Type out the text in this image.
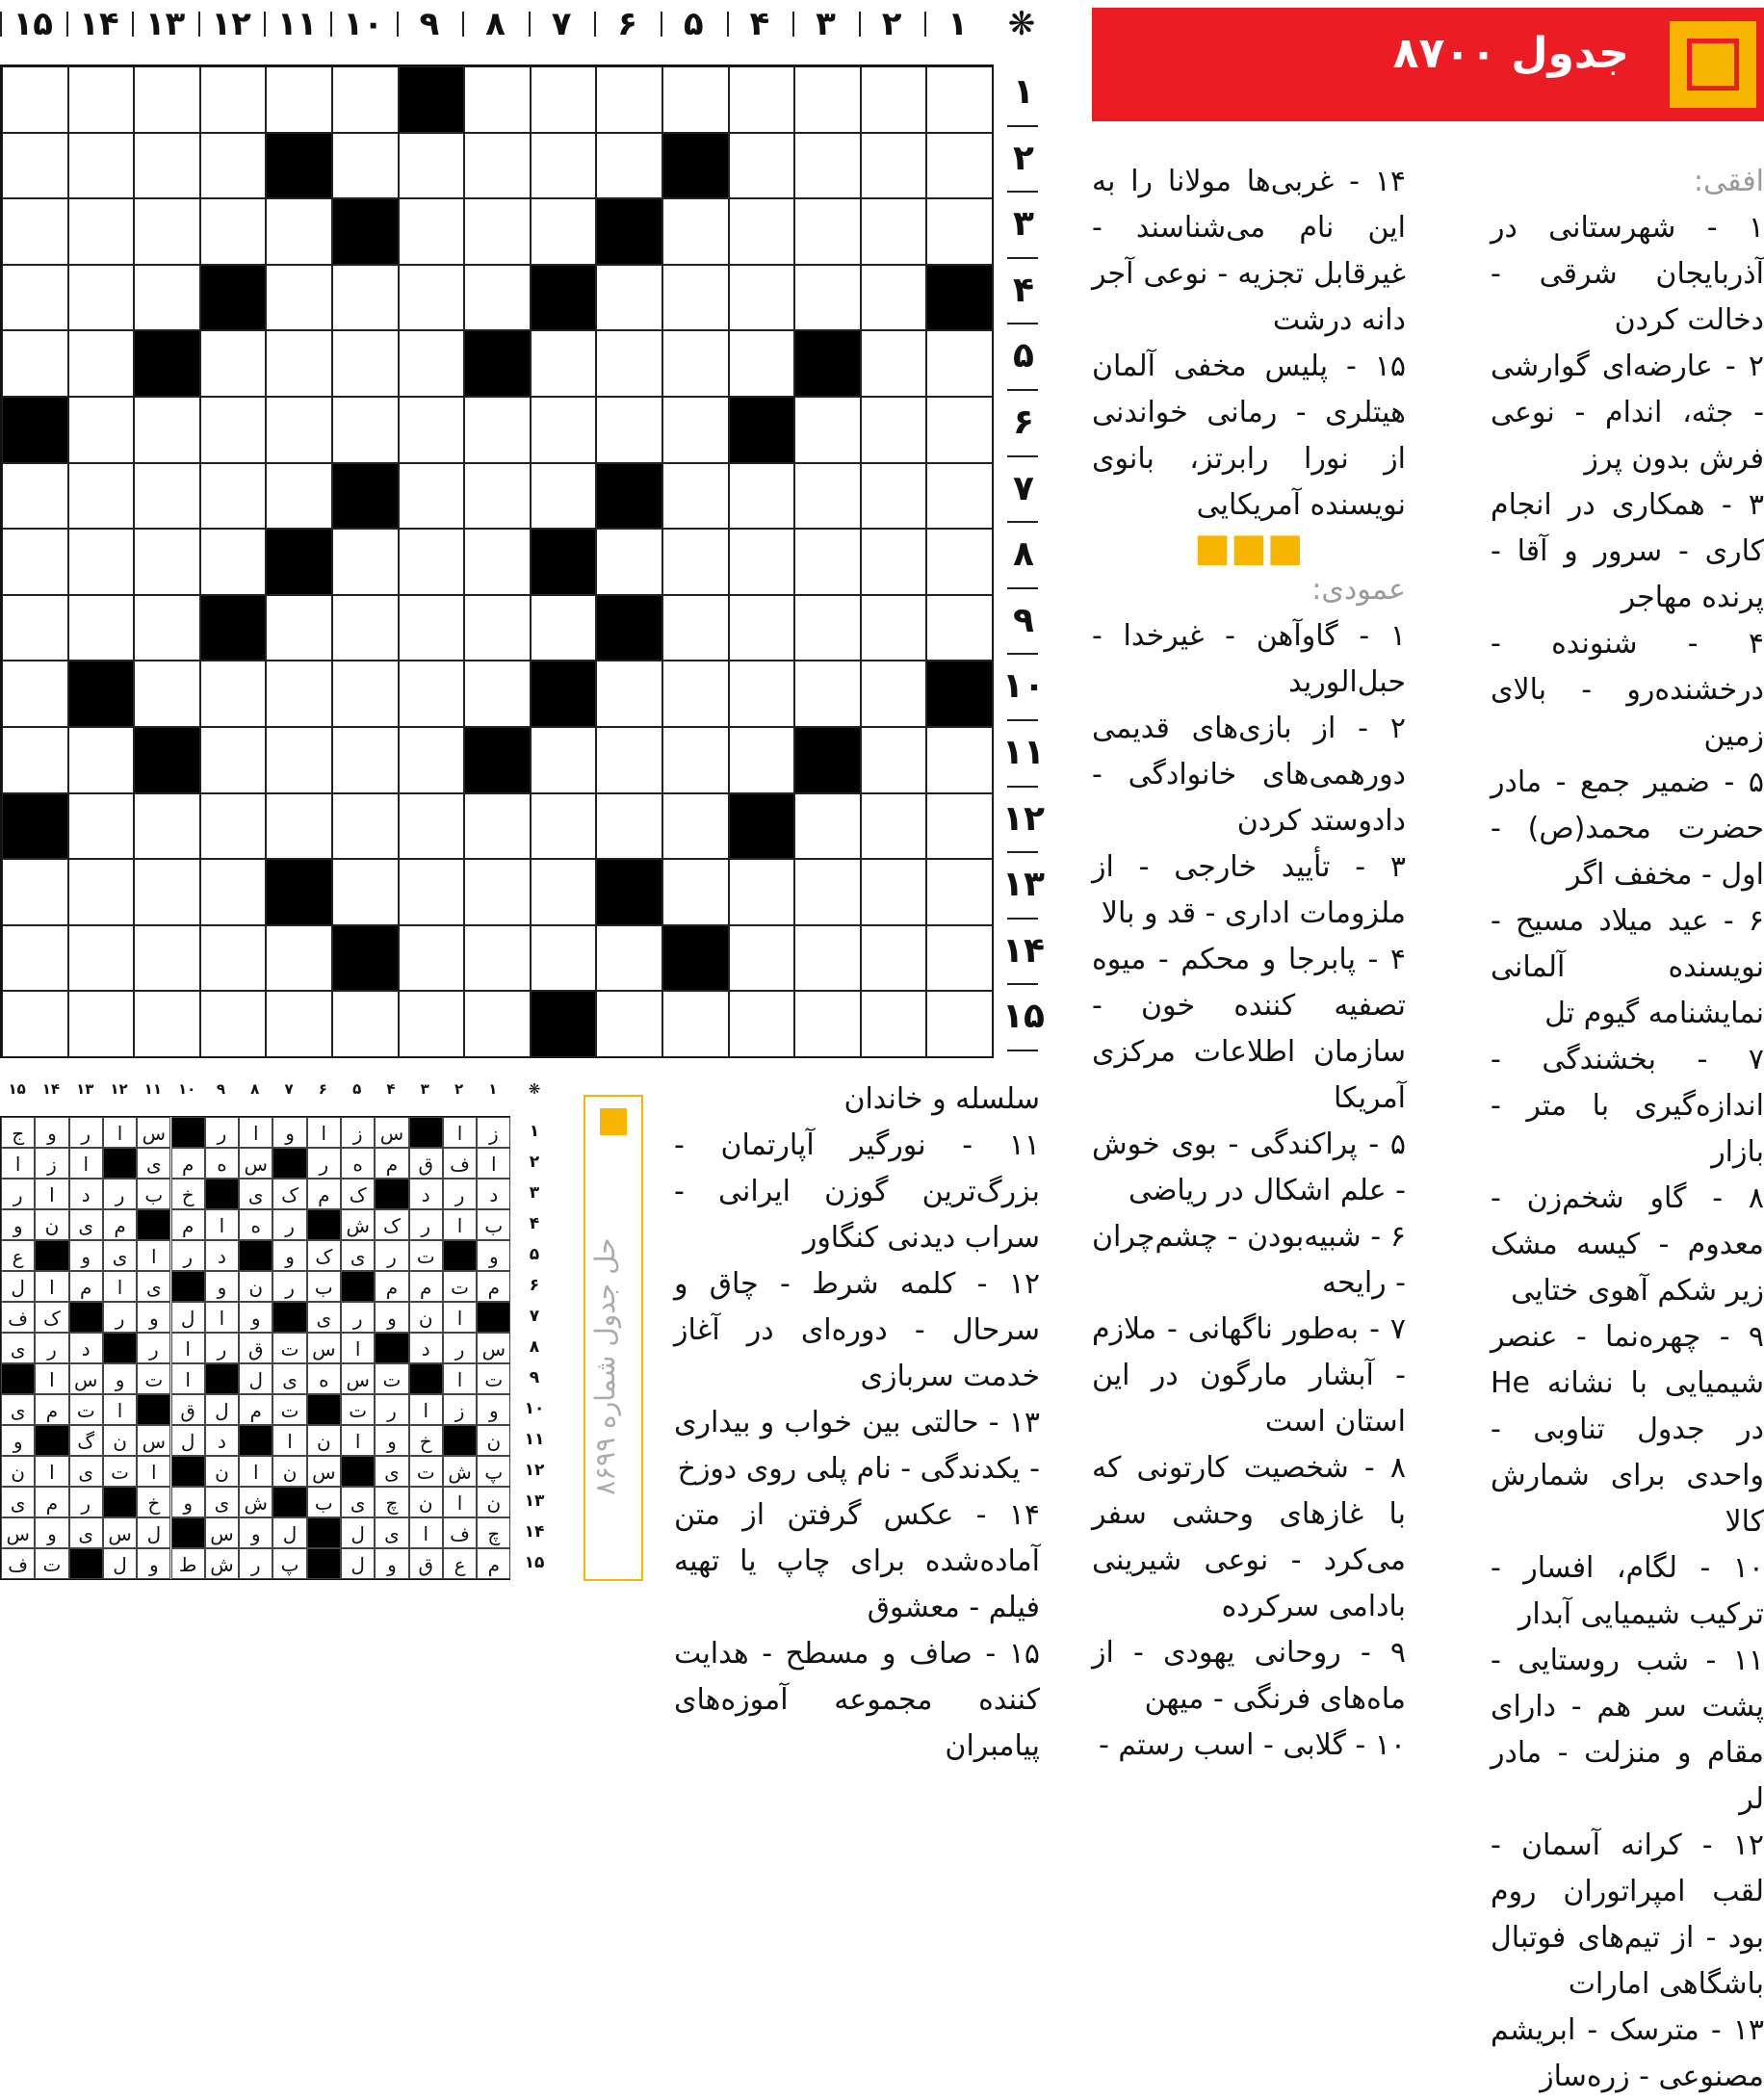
۱
۲
۳
۴
۵
۶
۷
۸
۹
۱۰
۱۱
۱۲
۱۳
۱۴
۱۵
۱
۲
۳
۴
۵
۶
۷
۸
۹
۱۰
۱۱
۱۲
۱۳
۱۴
۱۵
جدول ۸۷۰۰
افقی:
۱ - شهرستانی در آذربایجان شرقی - دخالت کردن
۲ - عارضه‌ای گوارشی - جثه، اندام - نوعی فرش بدون پرز
۳ - همکاری در انجام کاری - سرور و آقا - پرنده مهاجر
۴ - شنونده - درخشنده‌رو - بالای زمین
۵ - ضمیر جمع - مادر حضرت محمد(ص) - اول - مخفف اگر
۶ - عید میلاد مسیح - نویسنده آلمانی نمایشنامه گیوم تل
۷ - بخشندگی - اندازه‌گیری با متر - بازار
۸ - گاو شخم‌زن - معدوم - کیسه مشک زیر شکم آهوی ختایی
۹ - چهره‌نما - عنصر شیمیایی با نشانه He در جدول تناوبی - واحدی برای شمارش کالا
۱۰ - لگام، افسار - ترکیب شیمیایی آبدار
۱۱ - شب روستایی - پشت سر هم - دارای مقام و منزلت - مادر لر
۱۲ - کرانه آسمان - لقب امپراتوران روم بود - از تیم‌های فوتبال باشگاهی امارات
۱۳ - مترسک - ابریشم مصنوعی - زره‌ساز
۱۴ - غربی‌ها مولانا را به این نام می‌شناسند - غیرقابل تجزیه - نوعی آجر دانه درشت
۱۵ - پلیس مخفی آلمان هیتلری - رمانی خواندنی از نورا رابرتز، بانوی نویسنده آمریکایی
■■■
عمودی:
۱ - گاوآهن - غیرخدا - حبل‌الورید
۲ - از بازی‌های قدیمی دورهمی‌های خانوادگی - دادوستد کردن
۳ - تأیید خارجی - از ملزومات اداری - قد و بالا
۴ - پابرجا و محکم - میوه تصفیه کننده خون - سازمان اطلاعات مرکزی آمریکا
۵ - پراکندگی - بوی خوش - علم اشکال در ریاضی
۶ - شبیه‌بودن - چشم‌چران - رایحه
۷ - به‌طور ناگهانی - ملازم - آبشار مارگون در این استان است
۸ - شخصیت کارتونی که با غازهای وحشی سفر می‌کرد - نوعی شیرینی بادامی سرکرده
۹ - روحانی یهودی - از ماه‌های فرنگی - میهن
۱۰ - گلابی - اسب رستم -
سلسله و خاندان
۱۱ - نورگیر آپارتمان - بزرگ‌ترین گوزن ایرانی - سراب دیدنی کنگاور
۱۲ - کلمه شرط - چاق و سرحال - دوره‌ای در آغاز خدمت سربازی
۱۳ - حالتی بین خواب و بیداری - یکدندگی - نام پلی روی دوزخ
۱۴ - عکس گرفتن از متن آماده‌شده برای چاپ یا تهیه فیلم - معشوق
۱۵ - صاف و مسطح - هدایت کننده مجموعه آموزه‌های پیامبران
۱
۲
۳
۴
۵
۶
۷
۸
۹
۱۰
۱۱
۱۲
۱۳
۱۴
۱۵	❋
ز
ا
س
ز
ا
و
ا
ر
س
ا
ر
و
ج
ا
ف
ق
م
ه
ر
س
ه
م
ی
ا
ز
ا
د
ر
د
ک
م
ک
ی
خ
ب
ر
د
ا
ر
ب
ا
ر
ک
ش
ر
ه
ا
م
م
ی
ن
و
و
ت
ر
ی
ک
و
د
ر
ا
ی
و
ع
م
ت
م
م
ب
ر
ن
و
ی
ا
م
ا
ل
ا
ن
و
ر
ی
و
ا
ل
و
ر
ک
ف
س
ر
د
ا
س
ت
ق
ر
ا
ر
د
ر
ی
ت
ا
ت
س
ه
ی
ل
ا
ت
و
س
ا
و
ز
ا
ر
ت
ت
م
ل
ق
ا
ت
م
ی
ن
خ
و
ا
ن
ا
د
ل
س
ن
گ
و
پ
ش
ت
ی
س
ن
ا
ن
ا
ت
ی
ا
ن
ن
ا
ن
چ
ی
ب
ش
ی
و
خ
ر
م
ی
چ
ف
ا
ی
ل
ل
و
س
ل
س
ی
و
س
م
ع
ق
و
ل
پ
ر
ش
ط
و
ل
ت
ف
۱
۲
۳
۴
۵
۶
۷
۸
۹
۱۰
۱۱
۱۲
۱۳
۱۴
۱۵
حل جدول شماره ۸۶۹۹
❋
